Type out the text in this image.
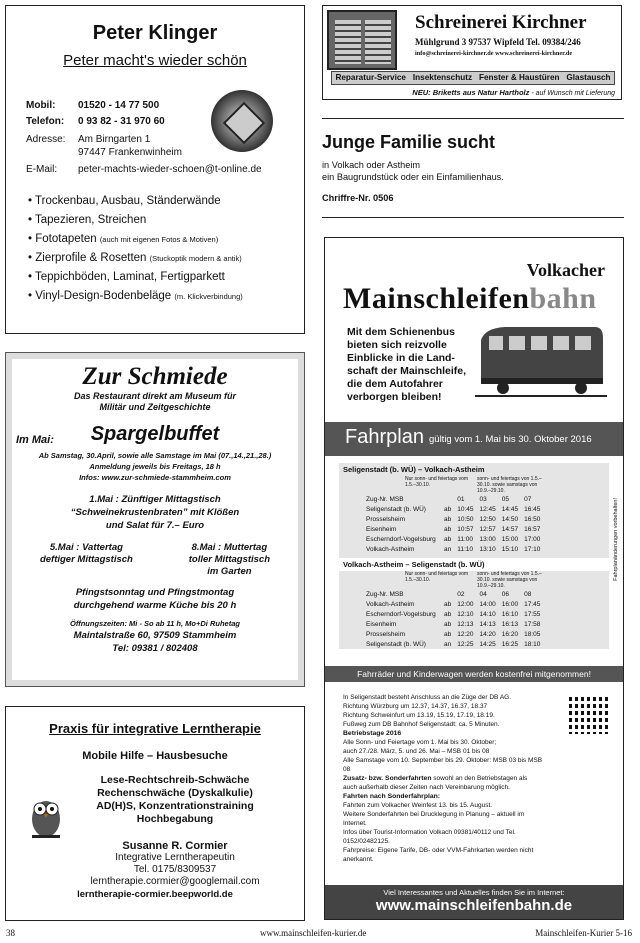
Peter Klinger
Peter macht's wieder schön
Mobil:	01520 - 14 77 500
Telefon:	0 93 82 - 31 970 60
Adresse:	Am Birngarten 1
97447 Frankenwinheim
E-Mail:	peter-machts-wieder-schoen@t-online.de
• Trockenbau, Ausbau, Ständerwände
• Tapezieren, Streichen
• Fototapeten (auch mit eigenen Fotos & Motiven)
• Zierprofile & Rosetten (Stuckoptik modern & antik)
• Teppichböden, Laminat, Fertigparkett
• Vinyl-Design-Bodenbeläge (m. Klickverbindung)
Schreinerei Kirchner
Mühlgrund 3 97537 Wipfeld Tel. 09384/246
info@schreinerei-kirchner.de www.schreinerei-kirchner.de
Reparatur-Service Insektenschutz Fenster & Haustüren Glastausch
NEU: Briketts aus Natur Hartholz - auf Wunsch mit Lieferung
Junge Familie sucht

in Volkach oder Astheim
ein Baugrundstück oder ein Einfamilienhaus.

Chriffre-Nr. 0506
Zur Schmiede
Das Restaurant direkt am Museum für
Militär und Zeitgeschichte
Im Mai:	Spargelbuffet
Ab Samstag, 30.April, sowie alle Samstage im Mai (07.,14.,21.,28.)
Anmeldung jeweils bis Freitags, 18 h
Infos: www.zur-schmiede-stammheim.com
1.Mai : Zünftiger Mittagstisch
“Schweinekrustenbraten” mit Klößen
und Salat für 7.– Euro
5.Mai : Vattertag
deftiger Mittagstisch
8.Mai : Muttertag
toller Mittagstisch
im Garten
Pfingstsonntag und Pfingstmontag
durchgehend warme Küche bis 20 h
Öffnungszeiten: Mi - So ab 11 h, Mo+Di Ruhetag
Maintalstraße 60, 97509 Stammheim
Tel: 09381 / 802408
Praxis für integrative Lerntherapie
Mobile Hilfe – Hausbesuche
Lese-Rechtschreib-Schwäche
Rechenschwäche (Dyskalkulie)
AD(H)S, Konzentrationstraining
Hochbegabung
Susanne R. Cormier
Integrative Lerntherapeutin
Tel. 0175/8309537
lerntherapie.cormier@googlemail.com
lerntherapie-cormier.beepworld.de
Volkacher
Mainschleifenbahn
Mit dem Schienenbus
bieten sich reizvolle
Einblicke in die Land-
schaft der Mainschleife,
die dem Autofahrer
verborgen bleiben!
Fahrplan gültig vom 1. Mai bis 30. Oktober 2016
Seligenstadt (b. WÜ) – Volkach-Astheim
Nur sonn- und feiertags vom 1.5.–30.10.
sonn- und feiertags von 1.5.–30.10. sowie samstags von 10.9.–29.10.
Zug-Nr. MSB		01	03	05	07
Seligenstadt (b. WÜ)	ab	10:45	12:45	14:45	16:45
Prosselsheim	ab	10:50	12:50	14:50	16:50
Eisenheim	ab	10:57	12:57	14:57	16:57
Escherndorf-Vogelsburg	ab	11:00	13:00	15:00	17:00
Volkach-Astheim	an	11:10	13:10	15:10	17:10
Volkach-Astheim – Seligenstadt (b. WÜ)
Nur sonn- und feiertags vom 1.5.–30.10.
sonn- und feiertags von 1.5.–30.10. sowie samstags von 10.9.–29.10.
Zug-Nr. MSB		02	04	06	08
Volkach-Astheim	ab	12:00	14:00	16:00	17:45
Escherndorf-Vogelsburg	ab	12:10	14:10	16:10	17:55
Eisenheim	ab	12:13	14:13	16:13	17:58
Prosselsheim	ab	12:20	14:20	16:20	18:05
Seligenstadt (b. WÜ)	an	12:25	14:25	16:25	18:10
Fahrplanänderungen vorbehalten!
Fahrräder und Kinderwagen werden kostenfrei mitgenommen!
In Seligenstadt besteht Anschluss an die Züge der DB AG.
Richtung Würzburg um 12.37, 14.37, 16.37, 18.37
Richtung Schweinfurt um 13.19, 15.19, 17.19, 18.19.
Fußweg zum DB Bahnhof Seligenstadt: ca. 5 Minuten.
Betriebstage 2016
Alle Sonn- und Feiertage vom 1. Mai bis 30. Oktober;
auch 27./28. März, 5. und 26. Mai – MSB 01 bis 08
Alle Samstage vom 10. September bis 29. Oktober: MSB 03 bis MSB 08
Zusatz- bzw. Sonderfahrten sowohl an den Betriebstagen als auch außerhalb dieser Zeiten nach Vereinbarung möglich.
Fahrten nach Sonderfahrplan:
Fahrten zum Volkacher Weinfest 13. bis 15. August.
Weitere Sonderfahrten bei Drucklegung in Planung – aktuell im Internet.
Infos über Tourist-Information Volkach 09381/40112 und Tel. 0152/02482125.
Fahrpreise: Eigene Tarife, DB- oder VVM-Fahrkarten werden nicht anerkannt.
Viel Interessantes und Aktuelles finden Sie im Internet:
www.mainschleifenbahn.de
38	www.mainschleifen-kurier.de	Mainschleifen-Kurier 5-16
